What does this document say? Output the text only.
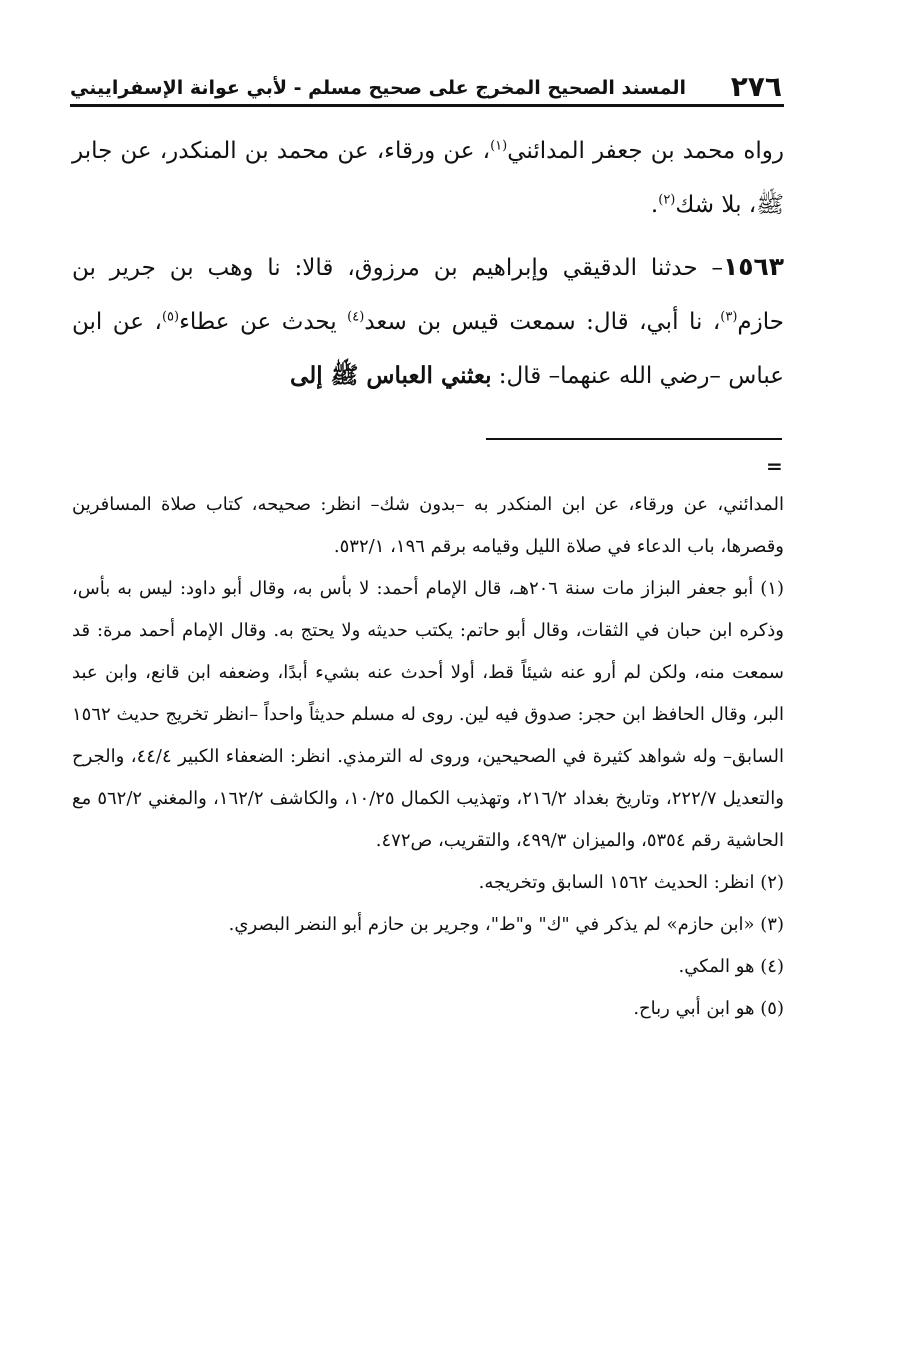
٢٧٦
المسند الصحيح المخرج على صحيح مسلم - لأبي عوانة الإسفراييني

رواه محمد بن جعفر المدائني$^{(١)}$، عن ورقاء، عن محمد بن المنكدر، عن جابر ﷺ، بلا شك$^{(٢)}$.

١٥٦٣– حدثنا الدقيقي وإبراهيم بن مرزوق، قالا: نا وهب بن جرير بن حازم$^{(٣)}$، نا أبي، قال: سمعت قيس بن سعد$^{(٤)}$ يحدث عن عطاء$^{(٥)}$، عن ابن عباس –رضي الله عنهما– قال: بعثني العباس ﷺ إلى

=

المدائني، عن ورقاء، عن ابن المنكدر به –بدون شك– انظر: صحيحه، كتاب صلاة المسافرين وقصرها، باب الدعاء في صلاة الليل وقيامه برقم ١٩٦، ٥٣٢/١.

(١) أبو جعفر البزاز مات سنة ٢٠٦هـ، قال الإمام أحمد: لا بأس به، وقال أبو داود: ليس به بأس، وذكره ابن حبان في الثقات، وقال أبو حاتم: يكتب حديثه ولا يحتج به. وقال الإمام أحمد مرة: قد سمعت منه، ولكن لم أرو عنه شيئاً قط، أولا أحدث عنه بشيء أبدًا، وضعفه ابن قانع، وابن عبد البر، وقال الحافظ ابن حجر: صدوق فيه لين. روى له مسلم حديثاً واحداً –انظر تخريج حديث ١٥٦٢ السابق– وله شواهد كثيرة في الصحيحين، وروى له الترمذي. انظر: الضعفاء الكبير ٤٤/٤، والجرح والتعديل ٢٢٢/٧، وتاريخ بغداد ٢١٦/٢، وتهذيب الكمال ١٠/٢٥، والكاشف ١٦٢/٢، والمغني ٥٦٢/٢ مع الحاشية رقم ٥٣٥٤، والميزان ٤٩٩/٣، والتقريب، ص٤٧٢.

(٢) انظر: الحديث ١٥٦٢ السابق وتخريجه.

(٣) «ابن حازم» لم يذكر في "ك" و"ط"، وجرير بن حازم أبو النضر البصري.

(٤) هو المكي.

(٥) هو ابن أبي رباح.
